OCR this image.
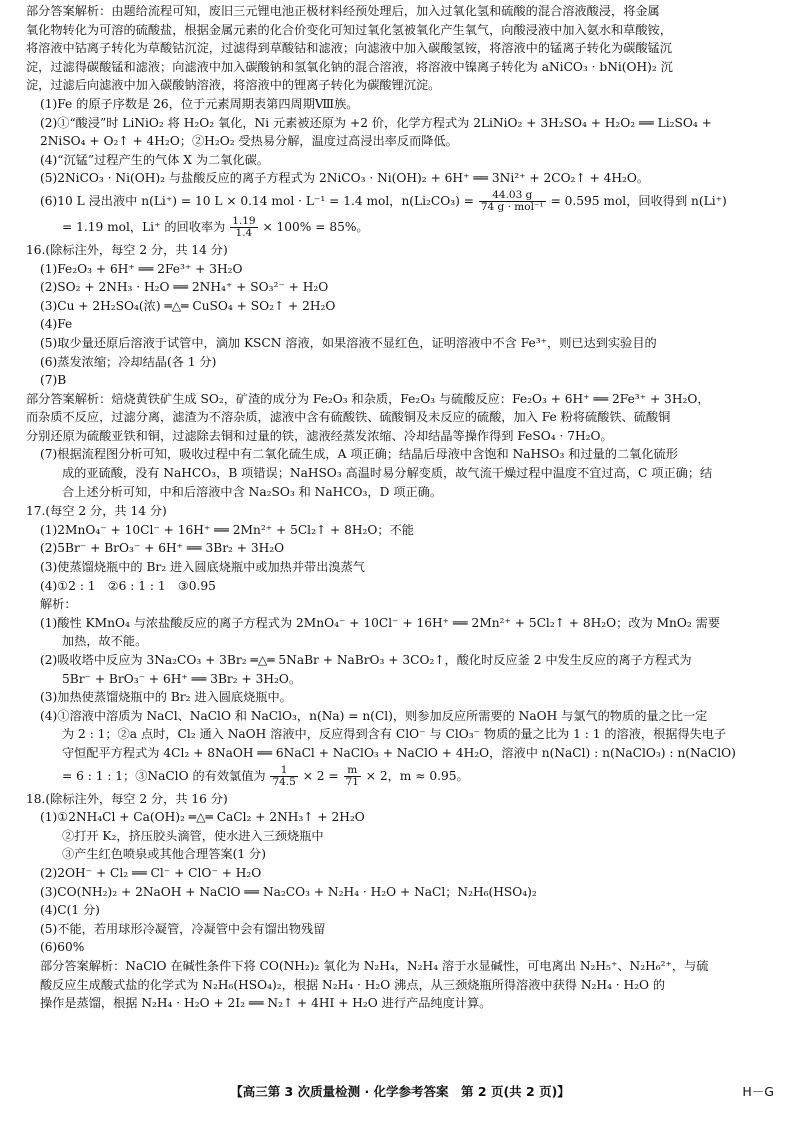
部分答案解析：由题给流程可知，废旧三元锂电池正极材料经预处理后，加入过氧化氢和硫酸的混合溶液酸浸，将金属
氧化物转化为可溶的硫酸盐，根据金属元素的化合价变化可知过氧化氢被氧化产生氧气，向酸浸液中加入氨水和草酸铵，
将溶液中钴离子转化为草酸钴沉淀，过滤得到草酸钴和滤液；向滤液中加入碳酸氢铵，将溶液中的锰离子转化为碳酸锰沉
淀，过滤得碳酸锰和滤液；向滤液中加入碳酸钠和氢氧化钠的混合溶液，将溶液中镍离子转化为 aNiCO₃ · bNi(OH)₂ 沉
淀，过滤后向滤液中加入碳酸钠溶液，将溶液中的锂离子转化为碳酸锂沉淀。
(1)Fe 的原子序数是 26，位于元素周期表第四周期Ⅷ族。
(2)①“酸浸”时 LiNiO₂ 将 H₂O₂ 氧化，Ni 元素被还原为 +2 价，化学方程式为 2LiNiO₂ + 3H₂SO₄ + H₂O₂ ══ Li₂SO₄ +
2NiSO₄ + O₂↑ + 4H₂O；②H₂O₂ 受热易分解，温度过高浸出率反而降低。
(4)“沉锰”过程产生的气体 X 为二氧化碳。
(5)2NiCO₃ · Ni(OH)₂ 与盐酸反应的离子方程式为 2NiCO₃ · Ni(OH)₂ + 6H⁺ ══ 3Ni²⁺ + 2CO₂↑ + 4H₂O。
(6)10 L 浸出液中 n(Li⁺) = 10 L × 0.14 mol · L⁻¹ = 1.4 mol，$n(Li_2CO_3) = \frac{44.03 g}{\text{74 g · mol⁻¹}} = 0.595$ mol，回收得到 n(Li⁺)
= 1.19 mol，Li⁺ 的回收率为 $\frac{1.19}{1.4} \times 100\% = 85\%$。
16.(除标注外，每空 2 分，共 14 分)
(1)Fe₂O₃ + 6H⁺ ══ 2Fe³⁺ + 3H₂O
(2)SO₂ + 2NH₃ · H₂O ══ 2NH₄⁺ + SO₃²⁻ + H₂O
(3)Cu + 2H₂SO₄(浓) ═△═ CuSO₄ + SO₂↑ + 2H₂O
(4)Fe
(5)取少量还原后溶液于试管中，滴加 KSCN 溶液，如果溶液不显红色，证明溶液中不含 Fe³⁺，则已达到实验目的
(6)蒸发浓缩；冷却结晶(各 1 分)
(7)B
部分答案解析：焙烧黄铁矿生成 SO₂，矿渣的成分为 Fe₂O₃ 和杂质，Fe₂O₃ 与硫酸反应：Fe₂O₃ + 6H⁺ ══ 2Fe³⁺ + 3H₂O，
而杂质不反应，过滤分离，滤渣为不溶杂质，滤液中含有硫酸铁、硫酸铜及未反应的硫酸，加入 Fe 粉将硫酸铁、硫酸铜
分别还原为硫酸亚铁和铜，过滤除去铜和过量的铁，滤液经蒸发浓缩、冷却结晶等操作得到 FeSO₄ · 7H₂O。
(7)根据流程图分析可知，吸收过程中有二氧化硫生成，A 项正确；结晶后母液中含饱和 NaHSO₃ 和过量的二氧化硫形
成的亚硫酸，没有 NaHCO₃，B 项错误；NaHSO₃ 高温时易分解变质，故气流干燥过程中温度不宜过高，C 项正确；结
合上述分析可知，中和后溶液中含 Na₂SO₃ 和 NaHCO₃，D 项正确。
17.(每空 2 分，共 14 分)
(1)2MnO₄⁻ + 10Cl⁻ + 16H⁺ ══ 2Mn²⁺ + 5Cl₂↑ + 8H₂O；不能
(2)5Br⁻ + BrO₃⁻ + 6H⁺ ══ 3Br₂ + 3H₂O
(3)使蒸馏烧瓶中的 Br₂ 进入圆底烧瓶中或加热并带出溴蒸气
(4)①2 : 1　②6 : 1 : 1　③0.95
解析：
(1)酸性 KMnO₄ 与浓盐酸反应的离子方程式为 2MnO₄⁻ + 10Cl⁻ + 16H⁺ ══ 2Mn²⁺ + 5Cl₂↑ + 8H₂O；改为 MnO₂ 需要
加热，故不能。
(2)吸收塔中反应为 3Na₂CO₃ + 3Br₂ ═△═ 5NaBr + NaBrO₃ + 3CO₂↑，酸化时反应釜 2 中发生反应的离子方程式为
5Br⁻ + BrO₃⁻ + 6H⁺ ══ 3Br₂ + 3H₂O。
(3)加热使蒸馏烧瓶中的 Br₂ 进入圆底烧瓶中。
(4)①溶液中溶质为 NaCl、NaClO 和 NaClO₃，n(Na) = n(Cl)，则参加反应所需要的 NaOH 与氯气的物质的量之比一定
为 2 : 1；②a 点时，Cl₂ 通入 NaOH 溶液中，反应得到含有 ClO⁻ 与 ClO₃⁻ 物质的量之比为 1 : 1 的溶液，根据得失电子
守恒配平方程式为 4Cl₂ + 8NaOH ══ 6NaCl + NaClO₃ + NaClO + 4H₂O，溶液中 n(NaCl) : n(NaClO₃) : n(NaClO)
= 6 : 1 : 1；③NaClO 的有效氯值为 $\frac{1}{74.5} \times 2 = \frac{m}{71} \times 2$，m ≈ 0.95。
18.(除标注外，每空 2 分，共 16 分)
(1)①2NH₄Cl + Ca(OH)₂ ═△═ CaCl₂ + 2NH₃↑ + 2H₂O
②打开 K₂，挤压胶头滴管，使水进入三颈烧瓶中
③产生红色喷泉或其他合理答案(1 分)
(2)2OH⁻ + Cl₂ ══ Cl⁻ + ClO⁻ + H₂O
(3)CO(NH₂)₂ + 2NaOH + NaClO ══ Na₂CO₃ + N₂H₄ · H₂O + NaCl；N₂H₆(HSO₄)₂
(4)C(1 分)
(5)不能，若用球形冷凝管，冷凝管中会有馏出物残留
(6)60%
部分答案解析：NaClO 在碱性条件下将 CO(NH₂)₂ 氧化为 N₂H₄，N₂H₄ 溶于水显碱性，可电离出 N₂H₅⁺、N₂H₆²⁺，与硫
酸反应生成酸式盐的化学式为 N₂H₆(HSO₄)₂，根据 N₂H₄ · H₂O 沸点，从三颈烧瓶所得溶液中获得 N₂H₄ · H₂O 的
操作是蒸馏，根据 N₂H₄ · H₂O + 2I₂ ══ N₂↑ + 4HI + H₂O 进行产品纯度计算。
【高三第 3 次质量检测 · 化学参考答案　第 2 页(共 2 页)】	H－G
